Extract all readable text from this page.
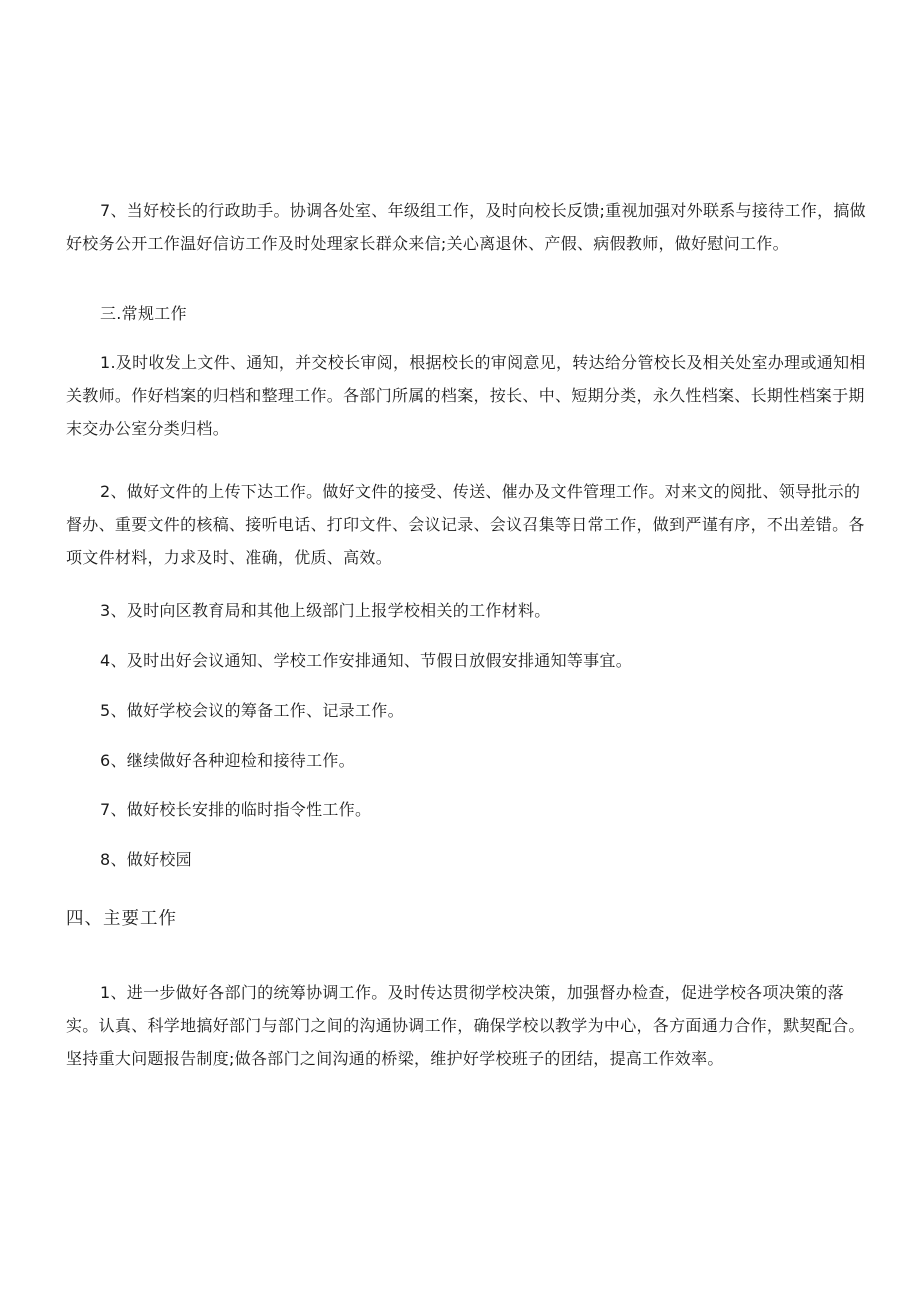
7、当好校长的行政助手。协调各处室、年级组工作，及时向校长反馈;重视加强对外联系与接待工作，搞做好校务公开工作温好信访工作及时处理家长群众来信;关心离退休、产假、病假教师，做好慰问工作。

三.常规工作

1.及时收发上文件、通知，并交校长审阅，根据校长的审阅意见，转达给分管校长及相关处室办理或通知相关教师。作好档案的归档和整理工作。各部门所属的档案，按长、中、短期分类，永久性档案、长期性档案于期末交办公室分类归档。

2、做好文件的上传下达工作。做好文件的接受、传送、催办及文件管理工作。对来文的阅批、领导批示的督办、重要文件的核稿、接听电话、打印文件、会议记录、会议召集等日常工作，做到严谨有序，不出差错。各项文件材料，力求及时、准确，优质、高效。

3、及时向区教育局和其他上级部门上报学校相关的工作材料。

4、及时出好会议通知、学校工作安排通知、节假日放假安排通知等事宜。

5、做好学校会议的筹备工作、记录工作。

6、继续做好各种迎检和接待工作。

7、做好校长安排的临时指令性工作。

8、做好校园

四、主要工作

1、进一步做好各部门的统筹协调工作。及时传达贯彻学校决策，加强督办检查，促进学校各项决策的落实。认真、科学地搞好部门与部门之间的沟通协调工作，确保学校以教学为中心，各方面通力合作，默契配合。坚持重大问题报告制度;做各部门之间沟通的桥梁，维护好学校班子的团结，提高工作效率。
